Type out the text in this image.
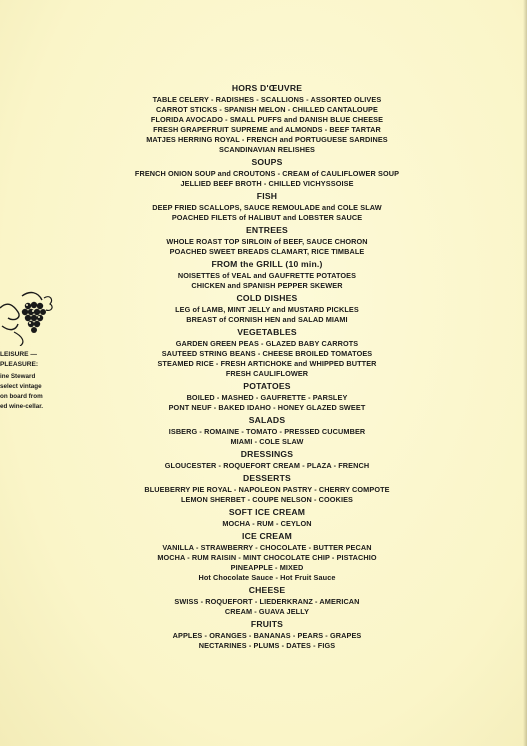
HORS D'ŒUVRE
TABLE CELERY - RADISHES - SCALLIONS - ASSORTED OLIVES
CARROT STICKS - SPANISH MELON - CHILLED CANTALOUPE
FLORIDA AVOCADO - SMALL PUFFS and DANISH BLUE CHEESE
FRESH GRAPEFRUIT SUPREME and ALMONDS - BEEF TARTAR
MATJES HERRING ROYAL - FRENCH and PORTUGUESE SARDINES
SCANDINAVIAN RELISHES
SOUPS
FRENCH ONION SOUP and CROUTONS - CREAM of CAULIFLOWER SOUP
JELLIED BEEF BROTH - CHILLED VICHYSSOISE
FISH
DEEP FRIED SCALLOPS, SAUCE REMOULADE and COLE SLAW
POACHED FILETS of HALIBUT and LOBSTER SAUCE
ENTREES
WHOLE ROAST TOP SIRLOIN of BEEF, SAUCE CHORON
POACHED SWEET BREADS CLAMART, RICE TIMBALE
FROM the GRILL (10 min.)
NOISETTES of VEAL and GAUFRETTE POTATOES
CHICKEN and SPANISH PEPPER SKEWER
COLD DISHES
LEG of LAMB, MINT JELLY and MUSTARD PICKLES
BREAST of CORNISH HEN and SALAD MIAMI
VEGETABLES
GARDEN GREEN PEAS - GLAZED BABY CARROTS
SAUTEED STRING BEANS - CHEESE BROILED TOMATOES
STEAMED RICE - FRESH ARTICHOKE and WHIPPED BUTTER
FRESH CAULIFLOWER
POTATOES
BOILED - MASHED - GAUFRETTE - PARSLEY
PONT NEUF - BAKED IDAHO - HONEY GLAZED SWEET
SALADS
ISBERG - ROMAINE - TOMATO - PRESSED CUCUMBER
MIAMI - COLE SLAW
DRESSINGS
GLOUCESTER - ROQUEFORT CREAM - PLAZA - FRENCH
DESSERTS
BLUEBERRY PIE ROYAL - NAPOLEON PASTRY - CHERRY COMPOTE
LEMON SHERBET - COUPE NELSON - COOKIES
SOFT ICE CREAM
MOCHA - RUM - CEYLON
ICE CREAM
VANILLA - STRAWBERRY - CHOCOLATE - BUTTER PECAN
MOCHA - RUM RAISIN - MINT CHOCOLATE CHIP - PISTACHIO
PINEAPPLE - MIXED
Hot Chocolate Sauce - Hot Fruit Sauce
CHEESE
SWISS - ROQUEFORT - LIEDERKRANZ - AMERICAN
CREAM - GUAVA JELLY
FRUITS
APPLES - ORANGES - BANANAS - PEARS - GRAPES
NECTARINES - PLUMS - DATES - FIGS
LEISURE —
PLEASURE:
ine Steward
select vintage
on board from
ed wine-cellar.
